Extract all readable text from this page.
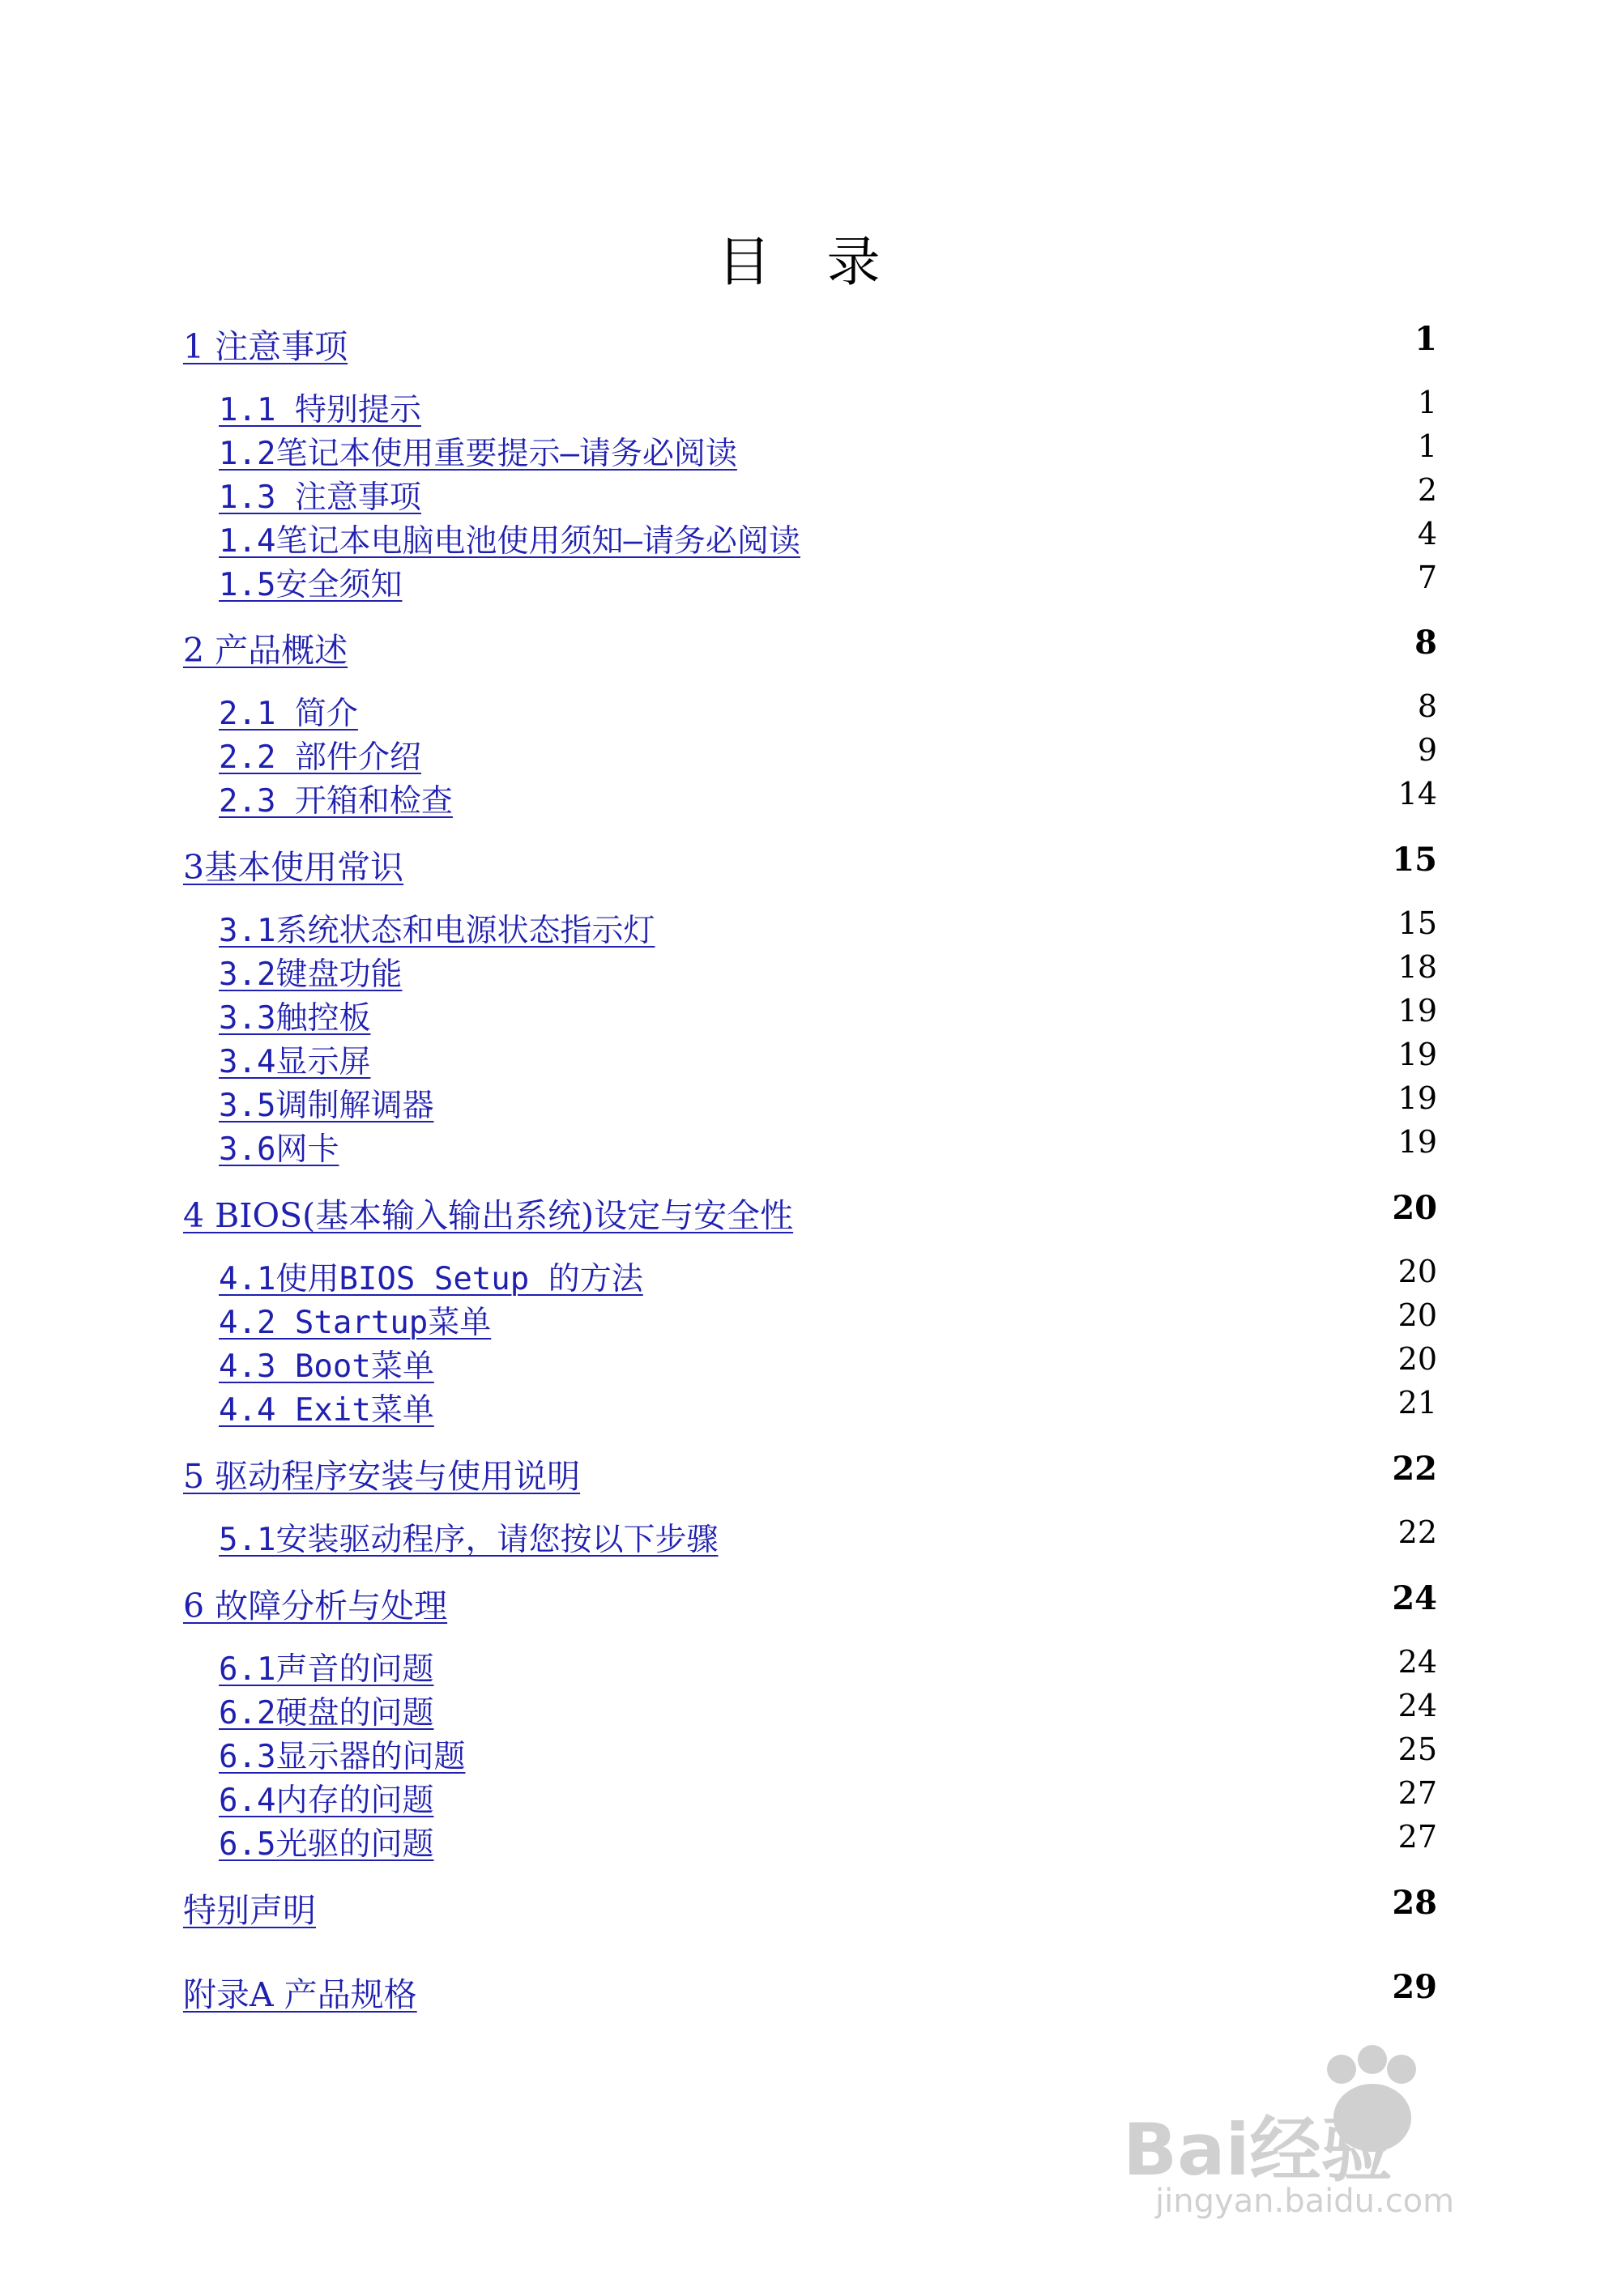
目 录
1 注意事项	1
1.1 特别提示	1
1.2笔记本使用重要提示—请务必阅读	1
1.3 注意事项	2
1.4笔记本电脑电池使用须知—请务必阅读	4
1.5安全须知	7
2 产品概述	8
2.1 简介	8
2.2 部件介绍	9
2.3 开箱和检查	14
3基本使用常识	15
3.1系统状态和电源状态指示灯	15
3.2键盘功能	18
3.3触控板	19
3.4显示屏	19
3.5调制解调器	19
3.6网卡	19
4 BIOS(基本输入输出系统)设定与安全性	20
4.1使用BIOS Setup 的方法	20
4.2 Startup菜单	20
4.3 Boot菜单	20
4.4 Exit菜单	21
5 驱动程序安装与使用说明	22
5.1安装驱动程序，请您按以下步骤	22
6 故障分析与处理	24
6.1声音的问题	24
6.2硬盘的问题	24
6.3显示器的问题	25
6.4内存的问题	27
6.5光驱的问题	27
特别声明	28
附录A 产品规格	29
Bai经验
jingyan.baidu.com
